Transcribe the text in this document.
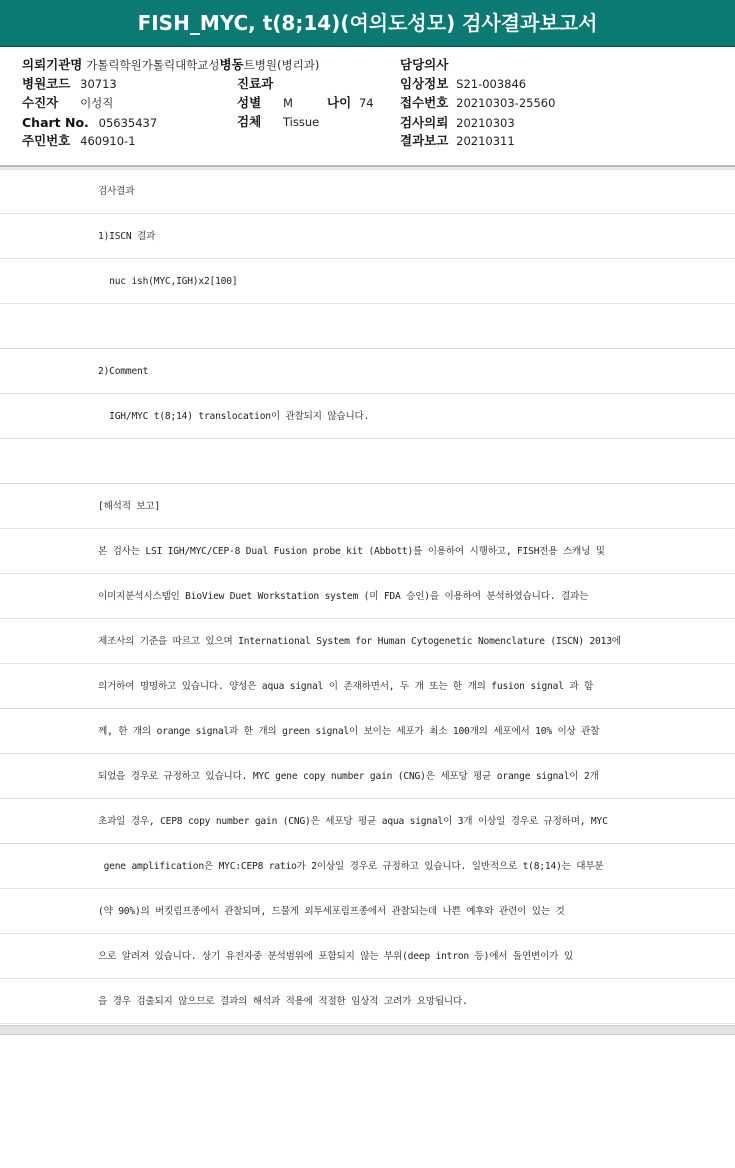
FISH_MYC, t(8;14)(여의도성모) 검사결과보고서
의뢰기관명 가톨릭학원가톨릭대학교성병동트병원(병리과)	담당의사
병원코드 30713	진료과	임상정보 S21-003846
수진자 이성직	성별 M	나이 74 접수번호 20210303-25560
Chart No. 05635437	검체 Tissue	검사의뢰 20210303
주민번호 460910-1	결과보고 20210311
검사결과
1)ISCN 결과
nuc ish(MYC,IGH)x2[100]
2)Comment
IGH/MYC t(8;14) translocation이 관찰되지 않습니다.
[해석적 보고]
본 검사는 LSI IGH/MYC/CEP-8 Dual Fusion probe kit (Abbott)를 이용하여 시행하고, FISH전용 스캐닝 및
이미지분석시스템인 BioView Duet Workstation system (미 FDA 승인)을 이용하여 분석하였습니다. 결과는
제조사의 기준을 따르고 있으며 International System for Human Cytogenetic Nomenclature (ISCN) 2013에
의거하여 명명하고 있습니다. 양성은 aqua signal 이 존재하면서, 두 개 또는 한 개의 fusion signal 과 함
께, 한 개의 orange signal과 한 개의 green signal이 보이는 세포가 최소 100개의 세포에서 10% 이상 관찰
되었을 경우로 규정하고 있습니다. MYC gene copy number gain (CNG)은 세포당 평균 orange signal이 2개
초과일 경우, CEP8 copy number gain (CNG)은 세포당 평균 aqua signal이 3개 이상일 경우로 규정하며, MYC
gene amplification은 MYC:CEP8 ratio가 2이상일 경우로 규정하고 있습니다. 일반적으로 t(8;14)는 대부분
(약 90%)의 버킷림프종에서 관찰되며, 드물게 외투세포림프종에서 관찰되는데 나쁜 예후와 관련이 있는 것
으로 알려져 있습니다. 상기 유전자중 분석범위에 포함되지 않는 부위(deep intron 등)에서 돌연변이가 있
을 경우 검출되지 않으므로 결과의 해석과 적용에 적절한 임상적 고려가 요망됩니다.
